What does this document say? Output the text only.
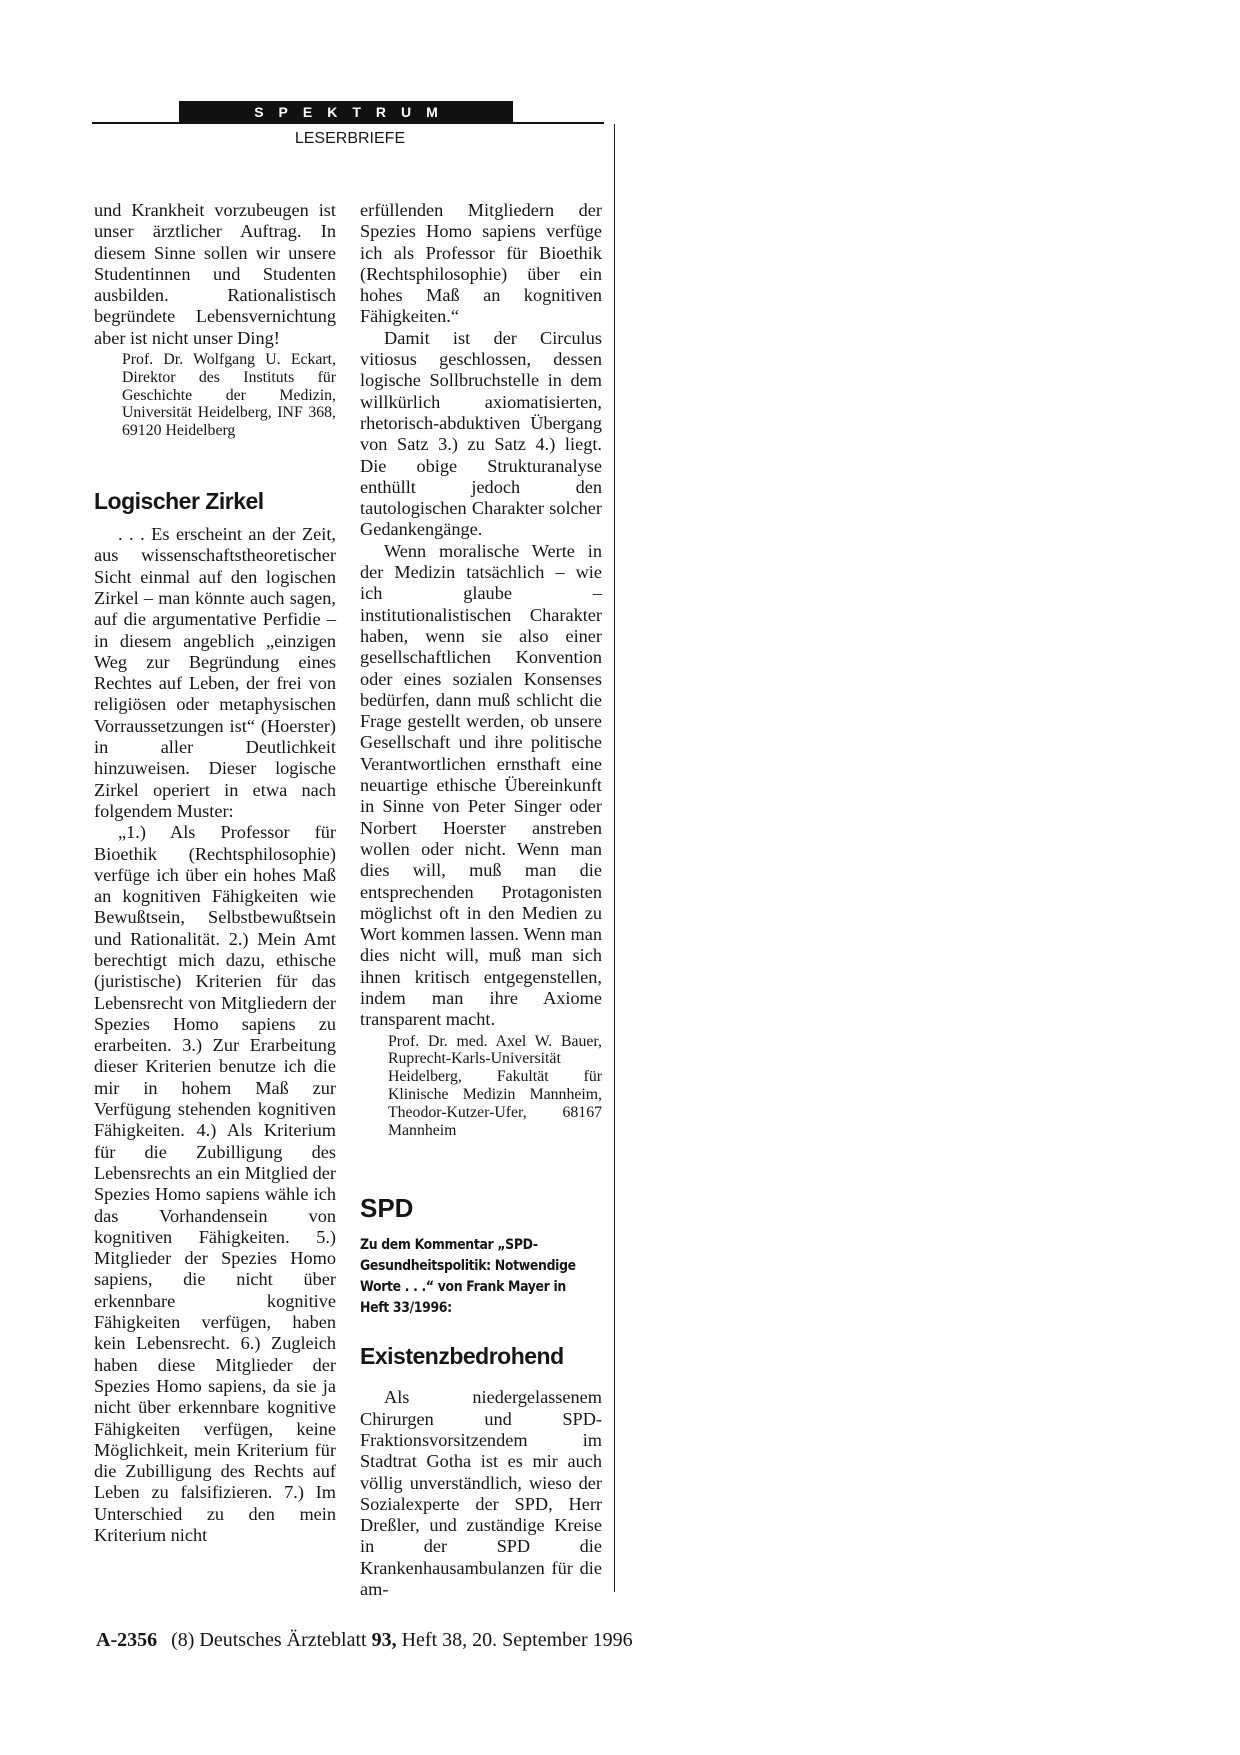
SPEKTRUM
LESERBRIEFE

und Krankheit vorzubeugen ist unser ärztlicher Auftrag. In diesem Sinne sollen wir unsere Studentinnen und Studenten ausbilden. Rationalistisch begründete Lebensvernichtung aber ist nicht unser Ding!

Prof. Dr. Wolfgang U. Eckart, Direktor des Instituts für Geschichte der Medizin, Universität Heidelberg, INF 368, 69120 Heidelberg
Logischer Zirkel

. . . Es erscheint an der Zeit, aus wissenschaftstheoretischer Sicht einmal auf den logischen Zirkel – man könnte auch sagen, auf die argumentative Perfidie – in diesem angeblich „einzigen Weg zur Begründung eines Rechtes auf Leben, der frei von religiösen oder metaphysischen Vorraussetzungen ist“ (Hoerster) in aller Deutlichkeit hinzuweisen. Dieser logische Zirkel operiert in etwa nach folgendem Muster:

„1.) Als Professor für Bioethik (Rechtsphilosophie) verfüge ich über ein hohes Maß an kognitiven Fähigkeiten wie Bewußtsein, Selbstbewußtsein und Rationalität. 2.) Mein Amt berechtigt mich dazu, ethische (juristische) Kriterien für das Lebensrecht von Mitgliedern der Spezies Homo sapiens zu erarbeiten. 3.) Zur Erarbeitung dieser Kriterien benutze ich die mir in hohem Maß zur Verfügung stehenden kognitiven Fähigkeiten. 4.) Als Kriterium für die Zubilligung des Lebensrechts an ein Mitglied der Spezies Homo sapiens wähle ich das Vorhandensein von kognitiven Fähigkeiten. 5.) Mitglieder der Spezies Homo sapiens, die nicht über erkennbare kognitive Fähigkeiten verfügen, haben kein Lebensrecht. 6.) Zugleich haben diese Mitglieder der Spezies Homo sapiens, da sie ja nicht über erkennbare kognitive Fähigkeiten verfügen, keine Möglichkeit, mein Kriterium für die Zubilligung des Rechts auf Leben zu falsifizieren. 7.) Im Unterschied zu den mein Kriterium nicht

erfüllenden Mitgliedern der Spezies Homo sapiens verfüge ich als Professor für Bioethik (Rechtsphilosophie) über ein hohes Maß an kognitiven Fähigkeiten.“

Damit ist der Circulus vitiosus geschlossen, dessen logische Sollbruchstelle in dem willkürlich axiomatisierten, rhetorisch-abduktiven Übergang von Satz 3.) zu Satz 4.) liegt. Die obige Strukturanalyse enthüllt jedoch den tautologischen Charakter solcher Gedankengänge.

Wenn moralische Werte in der Medizin tatsächlich – wie ich glaube – institutionalistischen Charakter haben, wenn sie also einer gesellschaftlichen Konvention oder eines sozialen Konsenses bedürfen, dann muß schlicht die Frage gestellt werden, ob unsere Gesellschaft und ihre politische Verantwortlichen ernsthaft eine neuartige ethische Übereinkunft in Sinne von Peter Singer oder Norbert Hoerster anstreben wollen oder nicht. Wenn man dies will, muß man die entsprechenden Protagonisten möglichst oft in den Medien zu Wort kommen lassen. Wenn man dies nicht will, muß man sich ihnen kritisch entgegenstellen, indem man ihre Axiome transparent macht.

Prof. Dr. med. Axel W. Bauer, Ruprecht-Karls-Universität Heidelberg, Fakultät für Klinische Medizin Mannheim, Theodor-Kutzer-Ufer, 68167 Mannheim
SPD
Zu dem Kommentar „SPD-Gesundheitspolitik: Notwendige Worte . . .“ von Frank Mayer in Heft 33/1996:
Existenzbedrohend

Als niedergelassenem Chirurgen und SPD-Fraktionsvorsitzendem im Stadtrat Gotha ist es mir auch völlig unverständlich, wieso der Sozialexperte der SPD, Herr Dreßler, und zuständige Kreise in der SPD die Krankenhausambulanzen für die am-

A-2356 (8) Deutsches Ärzteblatt 93, Heft 38, 20. September 1996
